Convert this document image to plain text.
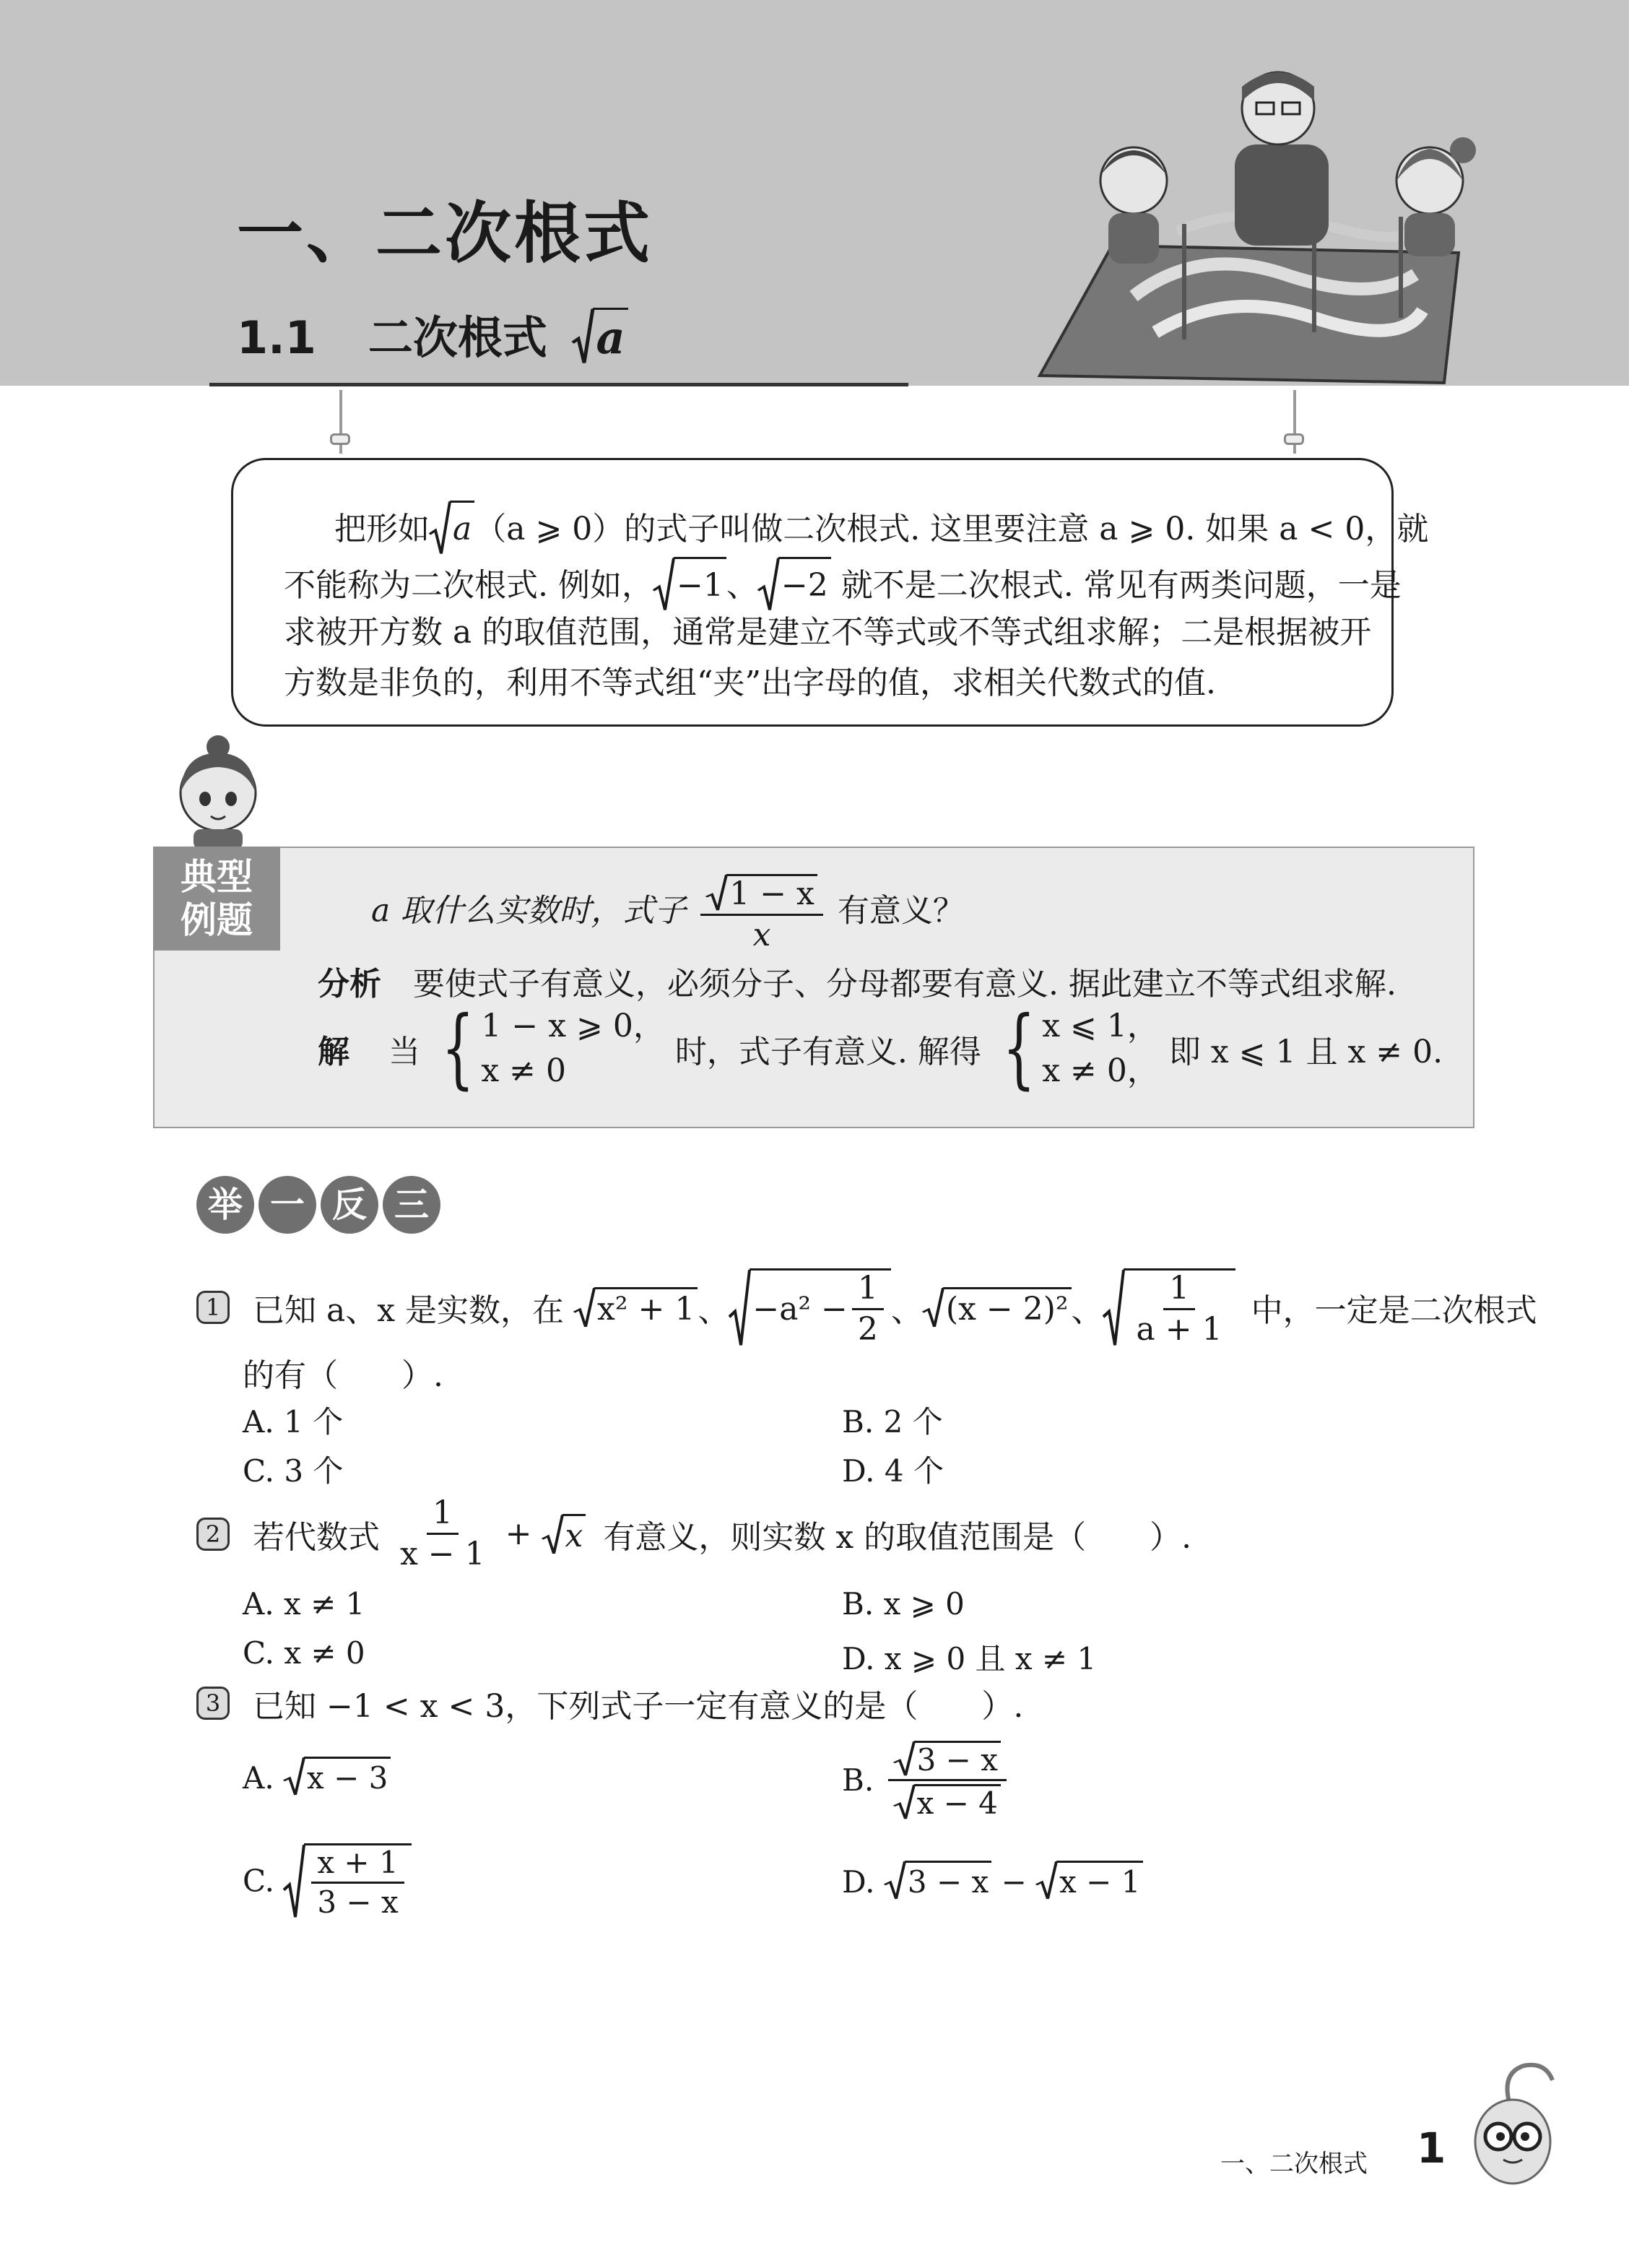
一、二次根式
1.1 二次根式 a
把形如 a（a ⩾ 0）的式子叫做二次根式. 这里要注意 a ⩾ 0. 如果 a < 0，就
不能称为二次根式. 例如， −1、 −2 就不是二次根式. 常见有两类问题，一是
求被开方数 a 的取值范围，通常是建立不等式或不等式组求解；二是根据被开
方数是非负的，利用不等式组“夹”出字母的值，求相关代数式的值.
a 取什么实数时，式子 $\frac{1 - x}{x}$ 有意义？
分析 要使式子有意义，必须分子、分母都要有意义. 据此建立不等式组求解.
解 当 { 1 − x ⩾ 0，
x ≠ 0
时，式子有意义. 解得 { x ⩽ 1，
x ≠ 0，
即 x ⩽ 1 且 x ≠ 0.
典型
例题
举 一 反 三
1 已知 a、x 是实数，在 x² + 1、 $-a^2 - \frac{1}{2}$ 、 (x − 2)²、 $\frac{1}{a + 1}$ 中，一定是二次根式
的有（　　）.
A. 1 个	B. 2 个
C. 3 个	D. 4 个
2 若代数式 $\frac{1}{x - 1} + x$ 有意义，则实数 x 的取值范围是（　　）.
A. x ≠ 1	B. x ⩾ 0
C. x ≠ 0	D. x ⩾ 0 且 x ≠ 1
3 已知 −1 < x < 3，下列式子一定有意义的是（　　）.
A. x − 3	B. $\frac{3 - x}{x - 4}$
C. $\frac{x + 1}{3 - x}$	D. 3 − x − x − 1
一、二次根式 1
